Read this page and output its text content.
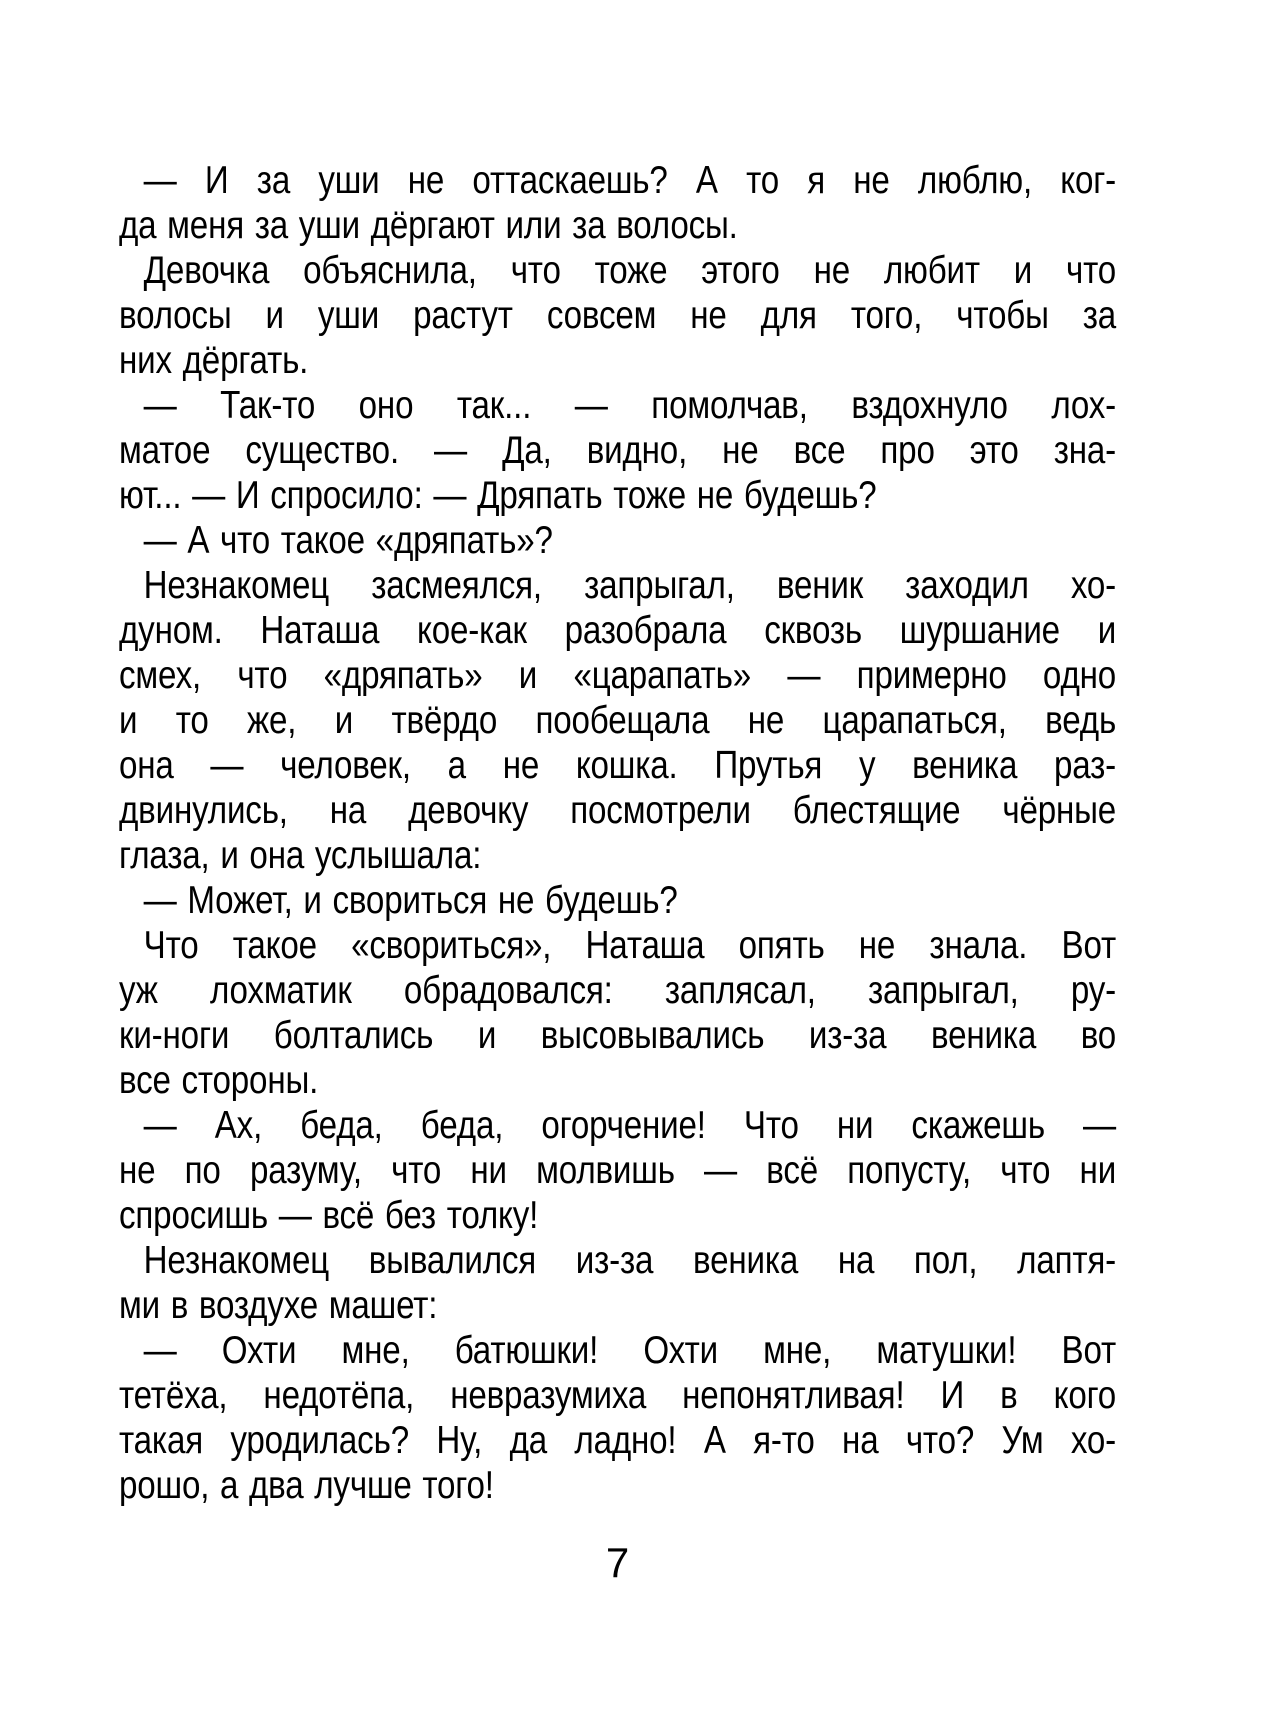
— И за уши не оттаскаешь? А то я не люблю, ког-
да меня за уши дёргают или за волосы.
Девочка объяснила, что тоже этого не любит и что
волосы и уши растут совсем не для того, чтобы за
них дёргать.
— Так-то оно так... — помолчав, вздохнуло лох-
матое существо. — Да, видно, не все про это зна-
ют... — И спросило: — Дряпать тоже не будешь?
— А что такое «дряпать»?
Незнакомец засмеялся, запрыгал, веник заходил хо-
дуном. Наташа кое-как разобрала сквозь шуршание и
смех, что «дряпать» и «царапать» — примерно одно
и то же, и твёрдо пообещала не царапаться, ведь
она — человек, а не кошка. Прутья у веника раз-
двинулись, на девочку посмотрели блестящие чёрные
глаза, и она услышала:
— Может, и свориться не будешь?
Что такое «свориться», Наташа опять не знала. Вот
уж лохматик обрадовался: заплясал, запрыгал, ру-
ки-ноги болтались и высовывались из-за веника во
все стороны.
— Ах, беда, беда, огорчение! Что ни скажешь —
не по разуму, что ни молвишь — всё попусту, что ни
спросишь — всё без толку!
Незнакомец вывалился из-за веника на пол, лаптя-
ми в воздухе машет:
— Охти мне, батюшки! Охти мне, матушки! Вот
тетёха, недотёпа, невразумиха непонятливая! И в кого
такая уродилась? Ну, да ладно! А я-то на что? Ум хо-
рошо, а два лучше того!
7
